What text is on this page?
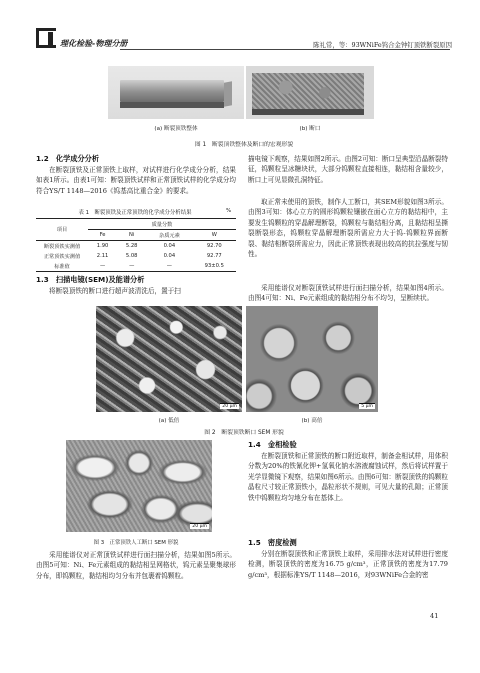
理化检验-物理分册	陈礼常，等：93WNiFe钨合金钟钉顶铁断裂原因
(a) 断裂顶铁整体	(b) 断口
图 1　断裂顶铁整体及断口的宏观形貌
1.2　化学成分分析
在断裂顶铁及正常顶铁上取样，对试样进行化学成分分析，结果如表1所示。由表1可知：断裂顶铁试样和正常顶铁试样的化学成分均符合YS/T 1148—2016《钨基高比重合金》的要求。
表 1　断裂顶铁及正常顶铁的化学成分分析结果	%
项目	质量分数			
	Fe	Ni	杂质元素	W
断裂顶铁实测值	1.90	5.28	0.04	92.70
正常顶铁实测值	2.11	5.08	0.04	92.77
标准值	—	—	—	93±0.5
1.3　扫描电镜(SEM)及能谱分析
将断裂顶铁的断口进行超声波清洗后，置于扫
描电镜下观察，结果如图2所示。由图2可知：断口呈典型沿晶断裂特征，钨颗粒呈冰糖块状，大部分钨颗粒直接相连，黏结相含量较少，断口上可见显微孔洞特征。
取正常未使用的顶铁，制作人工断口，其SEM形貌如图3所示。由图3可知：体心立方的圆形钨颗粒镶嵌在面心立方的黏结相中，主要发生钨颗粒的穿晶解理断裂，钨颗粒与黏结相分离，且黏结相呈撕裂断裂形态，钨颗粒穿晶解理断裂所需应力大于钨-钨颗粒界面断裂、黏结相断裂所需应力，因此正常顶铁表现出较高的抗拉强度与韧性。
采用能谱仪对断裂顶铁试样进行面扫描分析，结果如图4所示。由图4可知：Ni、Fe元素组成的黏结相分布不均匀，呈断续状。
20 μm	5 μm
(a) 低倍	(b) 高倍
图 2　断裂顶铁断口 SEM 形貌
20 μm
图 3　正常顶铁人工断口 SEM 形貌
采用能谱仪对正常顶铁试样进行面扫描分析，结果如图5所示。由图5可知：Ni、Fe元素组成的黏结相呈网格状，钨元素呈聚集球形分布，即钨颗粒，黏结相均匀分布并包裹着钨颗粒。
1.4　金相检验
在断裂顶铁和正常顶铁的断口附近取样，制备金相试样，用体积分数为20%的铁氰化钾+氢氧化钠水溶液腐蚀试样，然后将试样置于光学显微镜下观察，结果如图6所示。由图6可知：断裂顶铁的钨颗粒晶粒尺寸较正常顶铁小，晶粒形状不规则，可见大量的孔隙；正常顶铁中钨颗粒均匀地分布在基体上。
1.5　密度检测
分别在断裂顶铁和正常顶铁上取样，采用排水法对试样进行密度检测，断裂顶铁的密度为16.75 g/cm³，正常顶铁的密度为17.79 g/cm³，根据标准YS/T 1148—2016，对93WNiFe合金的密
41
